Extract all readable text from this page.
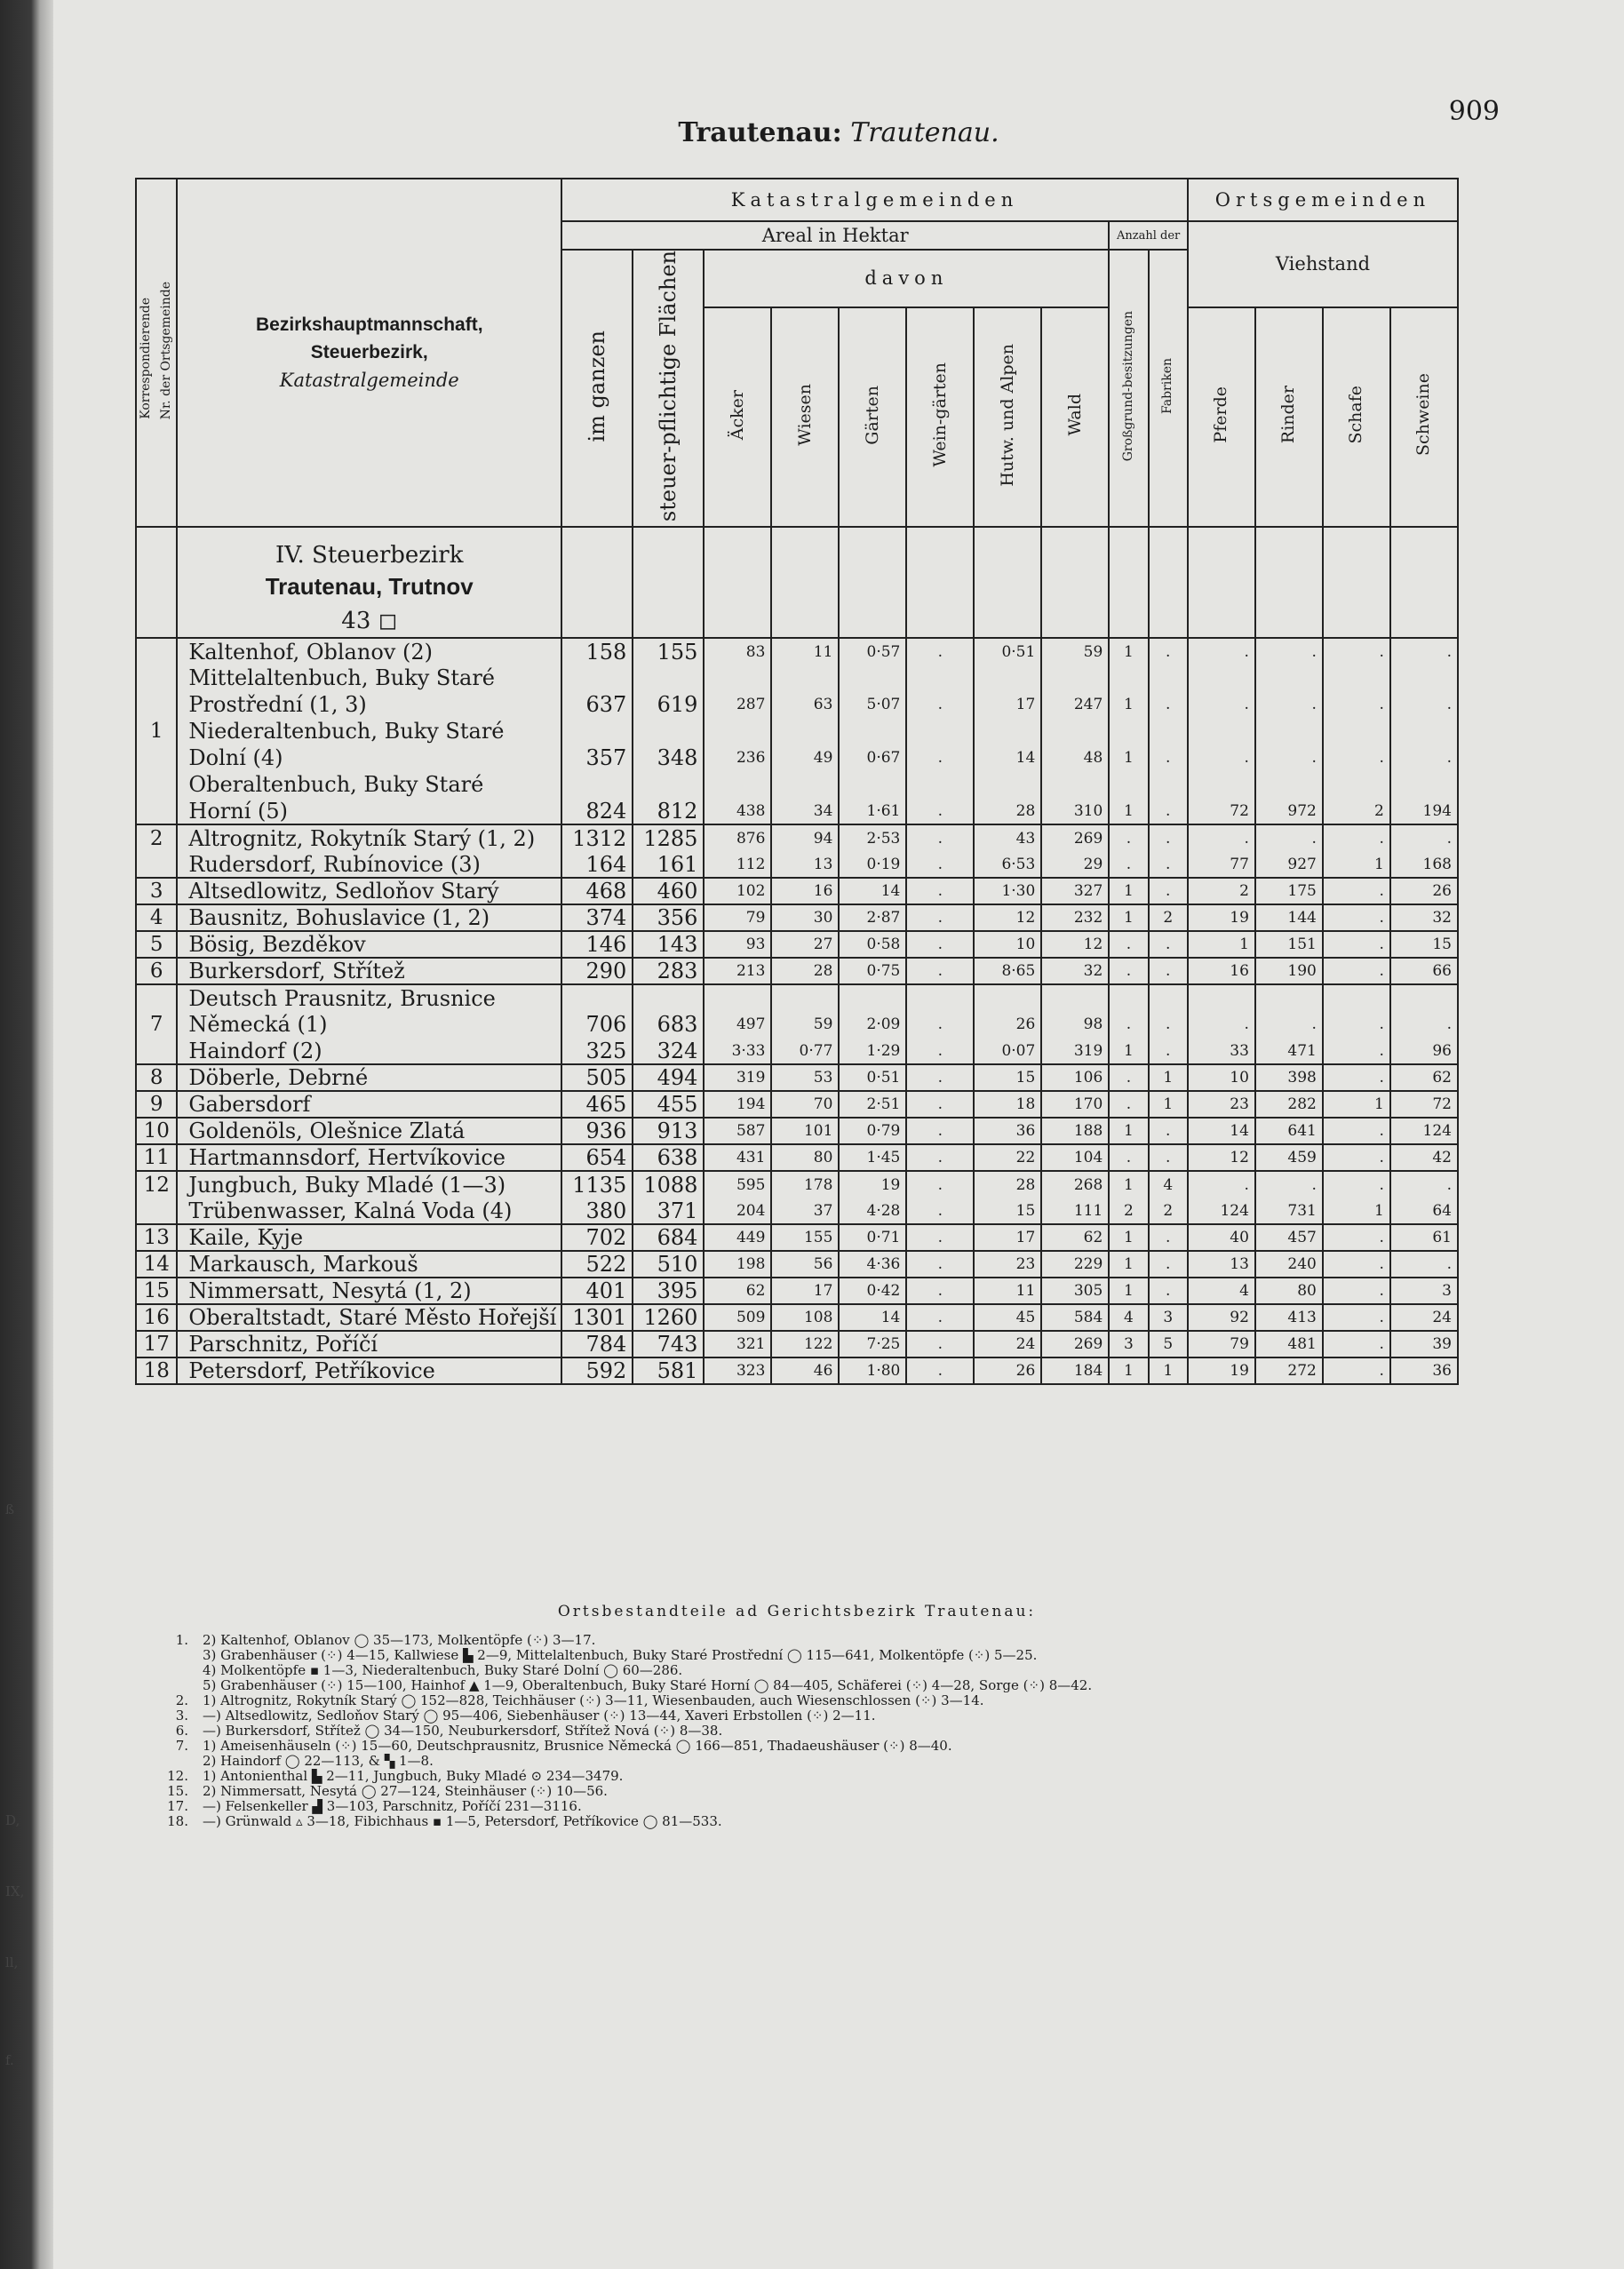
ß
D,
IX,
ll,
f.
Trautenau: Trautenau.
909
Korrespondierende Nr. der Ortsgemeinde	Bezirkshauptmannschaft,
Steuerbezirk,
Katastralgemeinde	Katastralgemeinden										Ortsgemeinden			
		Areal in Hektar								Anzahl der		Viehstand			
		im ganzen	steuer-pflichtige Flächen	davon						Großgrund-besitzungen	Fabriken				
				Äcker	Wiesen	Gärten	Wein-gärten	Hutw. und Alpen	Wald			Pferde	Rinder	Schafe	Schweine
	IV. Steuerbezirk														
	Trautenau, Trutnov														
	43 ◻														
	Kaltenhof, Oblanov (2)	158	155	83	11	0·57	.	0·51	59	1	.	.	.	.	.
	Mittelaltenbuch, Buky Staré														
	Prostřední (1, 3)	637	619	287	63	5·07	.	17	247	1	.	.	.	.	.
1	Niederaltenbuch, Buky Staré														
	Dolní (4)	357	348	236	49	0·67	.	14	48	1	.	.	.	.	.
	Oberaltenbuch, Buky Staré														
	Horní (5)	824	812	438	34	1·61	.	28	310	1	.	72	972	2	194
2	Altrognitz, Rokytník Starý (1, 2)	1312	1285	876	94	2·53	.	43	269	.	.	.	.	.	.
	Rudersdorf, Rubínovice (3)	164	161	112	13	0·19	.	6·53	29	.	.	77	927	1	168
3	Altsedlowitz, Sedloňov Starý	468	460	102	16	14	.	1·30	327	1	.	2	175	.	26
4	Bausnitz, Bohuslavice (1, 2)	374	356	79	30	2·87	.	12	232	1	2	19	144	.	32
5	Bösig, Bezděkov	146	143	93	27	0·58	.	10	12	.	.	1	151	.	15
6	Burkersdorf, Střítež	290	283	213	28	0·75	.	8·65	32	.	.	16	190	.	66
	Deutsch Prausnitz, Brusnice														
7	Německá (1)	706	683	497	59	2·09	.	26	98	.	.	.	.	.	.
	Haindorf (2)	325	324	3·33	0·77	1·29	.	0·07	319	1	.	33	471	.	96
8	Döberle, Debrné	505	494	319	53	0·51	.	15	106	.	1	10	398	.	62
9	Gabersdorf	465	455	194	70	2·51	.	18	170	.	1	23	282	1	72
10	Goldenöls, Olešnice Zlatá	936	913	587	101	0·79	.	36	188	1	.	14	641	.	124
11	Hartmannsdorf, Hertvíkovice	654	638	431	80	1·45	.	22	104	.	.	12	459	.	42
12	Jungbuch, Buky Mladé (1—3)	1135	1088	595	178	19	.	28	268	1	4	.	.	.	.
	Trübenwasser, Kalná Voda (4)	380	371	204	37	4·28	.	15	111	2	2	124	731	1	64
13	Kaile, Kyje	702	684	449	155	0·71	.	17	62	1	.	40	457	.	61
14	Markausch, Markouš	522	510	198	56	4·36	.	23	229	1	.	13	240	.	.
15	Nimmersatt, Nesytá (1, 2)	401	395	62	17	0·42	.	11	305	1	.	4	80	.	3
16	Oberaltstadt, Staré Město Hořejší	1301	1260	509	108	14	.	45	584	4	3	92	413	.	24
17	Parschnitz, Poříčí	784	743	321	122	7·25	.	24	269	3	5	79	481	.	39
18	Petersdorf, Petříkovice	592	581	323	46	1·80	.	26	184	1	1	19	272	.	36
Ortsbestandteile ad Gerichtsbezirk Trautenau:
1.	2) Kaltenhof, Oblanov ◯ 35—173, Molkentöpfe (⁘) 3—17.
3) Grabenhäuser (⁘) 4—15, Kallwiese ▙ 2—9, Mittelaltenbuch, Buky Staré Prostřední ◯ 115—641, Molkentöpfe (⁘) 5—25.
4) Molkentöpfe ▪ 1—3, Niederaltenbuch, Buky Staré Dolní ◯ 60—286.
5) Grabenhäuser (⁘) 15—100, Hainhof ▲ 1—9, Oberaltenbuch, Buky Staré Horní ◯ 84—405, Schäferei (⁘) 4—28, Sorge (⁘) 8—42.
2.	1) Altrognitz, Rokytník Starý ◯ 152—828, Teichhäuser (⁘) 3—11, Wiesenbauden, auch Wiesenschlossen (⁘) 3—14.
3.	—) Altsedlowitz, Sedloňov Starý ◯ 95—406, Siebenhäuser (⁘) 13—44, Xaveri Erbstollen (⁘) 2—11.
6.	—) Burkersdorf, Střítež ◯ 34—150, Neuburkersdorf, Střítež Nová (⁘) 8—38.
7.	1) Ameisenhäuseln (⁘) 15—60, Deutschprausnitz, Brusnice Německá ◯ 166—851, Thadaeushäuser (⁘) 8—40.
2) Haindorf ◯ 22—113, & ▚ 1—8.
12.	1) Antonienthal ▙ 2—11, Jungbuch, Buky Mladé ⊙ 234—3479.
15.	2) Nimmersatt, Nesytá ◯ 27—124, Steinhäuser (⁘) 10—56.
17.	—) Felsenkeller ▟ 3—103, Parschnitz, Poříčí 231—3116.
18.	—) Grünwald ▵ 3—18, Fibichhaus ▪ 1—5, Petersdorf, Petříkovice ◯ 81—533.
